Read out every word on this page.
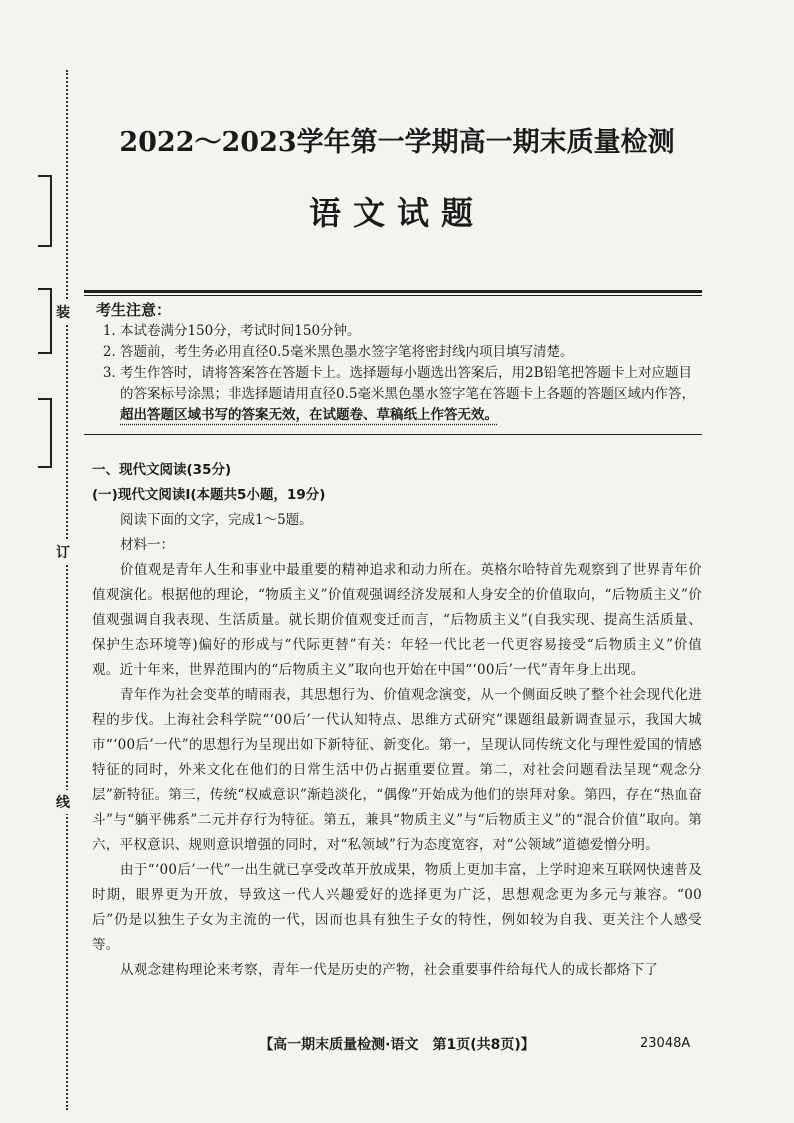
装
订
线
2022～2023学年第一学期高一期末质量检测
语文试题
考生注意：
1. 本试卷满分150分，考试时间150分钟。
2. 答题前，考生务必用直径0.5毫米黑色墨水签字笔将密封线内项目填写清楚。
3. 考生作答时，请将答案答在答题卡上。选择题每小题选出答案后，用2B铅笔把答题卡上对应题目的答案标号涂黑；非选择题请用直径0.5毫米黑色墨水签字笔在答题卡上各题的答题区域内作答，超出答题区域书写的答案无效，在试题卷、草稿纸上作答无效。

一、现代文阅读(35分)

(一)现代文阅读Ⅰ(本题共5小题，19分)

阅读下面的文字，完成1～5题。

材料一：

价值观是青年人生和事业中最重要的精神追求和动力所在。英格尔哈特首先观察到了世界青年价值观演化。根据他的理论，“物质主义”价值观强调经济发展和人身安全的价值取向，“后物质主义”价值观强调自我表现、生活质量。就长期价值观变迁而言，“后物质主义”(自我实现、提高生活质量、保护生态环境等)偏好的形成与“代际更替”有关：年轻一代比老一代更容易接受“后物质主义”价值观。近十年来，世界范围内的“后物质主义”取向也开始在中国“‘00后’一代”青年身上出现。

青年作为社会变革的晴雨表，其思想行为、价值观念演变，从一个侧面反映了整个社会现代化进程的步伐。上海社会科学院“‘00后’一代认知特点、思维方式研究”课题组最新调查显示，我国大城市“‘00后’一代”的思想行为呈现出如下新特征、新变化。第一，呈现认同传统文化与理性爱国的情感特征的同时，外来文化在他们的日常生活中仍占据重要位置。第二，对社会问题看法呈现“观念分层”新特征。第三，传统“权威意识”渐趋淡化，“偶像”开始成为他们的崇拜对象。第四，存在“热血奋斗”与“躺平佛系”二元并存行为特征。第五，兼具“物质主义”与“后物质主义”的“混合价值”取向。第六，平权意识、规则意识增强的同时，对“私领域”行为态度宽容，对“公领域”道德爱憎分明。

由于“‘00后’一代”一出生就已享受改革开放成果，物质上更加丰富，上学时迎来互联网快速普及时期，眼界更为开放，导致这一代人兴趣爱好的选择更为广泛，思想观念更为多元与兼容。“00后”仍是以独生子女为主流的一代，因而也具有独生子女的特性，例如较为自我、更关注个人感受等。

从观念建构理论来考察，青年一代是历史的产物，社会重要事件给每代人的成长都烙下了

【高一期末质量检测·语文　第1页(共8页)】	23048A
